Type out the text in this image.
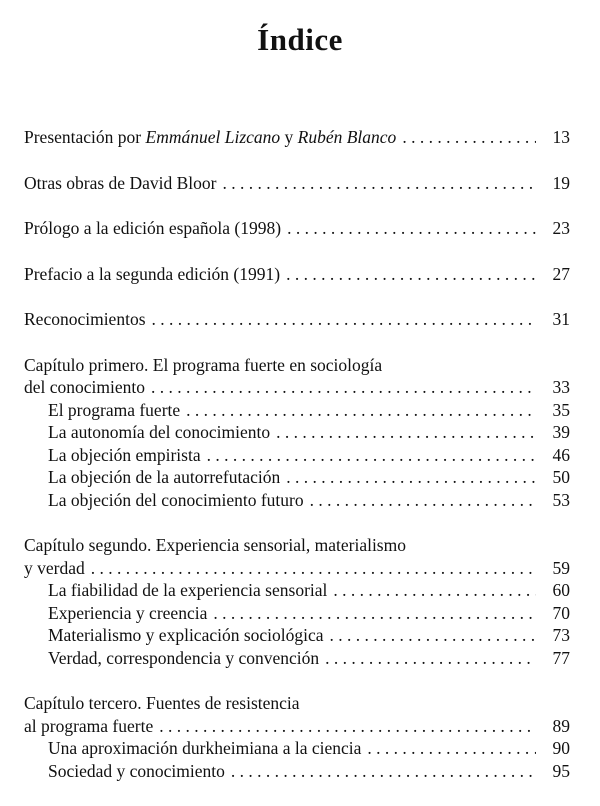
Índice
Presentación por Emmánuel Lizcano y Rubén Blanco . . .	13
Otras obras de David Bloor . . .	19
Prólogo a la edición española (1998) . . .	23
Prefacio a la segunda edición (1991) . . .	27
Reconocimientos . . .	31
Capítulo primero. El programa fuerte en sociología
del conocimiento . . .	33
El programa fuerte . . .	35
La autonomía del conocimiento . . .	39
La objeción empirista . . .	46
La objeción de la autorrefutación . . .	50
La objeción del conocimiento futuro . . .	53
Capítulo segundo. Experiencia sensorial, materialismo
y verdad . . .	59
La fiabilidad de la experiencia sensorial . . .	60
Experiencia y creencia . . .	70
Materialismo y explicación sociológica . . .	73
Verdad, correspondencia y convención . . .	77
Capítulo tercero. Fuentes de resistencia
al programa fuerte . . .	89
Una aproximación durkheimiana a la ciencia . . .	90
Sociedad y conocimiento . . .	95
